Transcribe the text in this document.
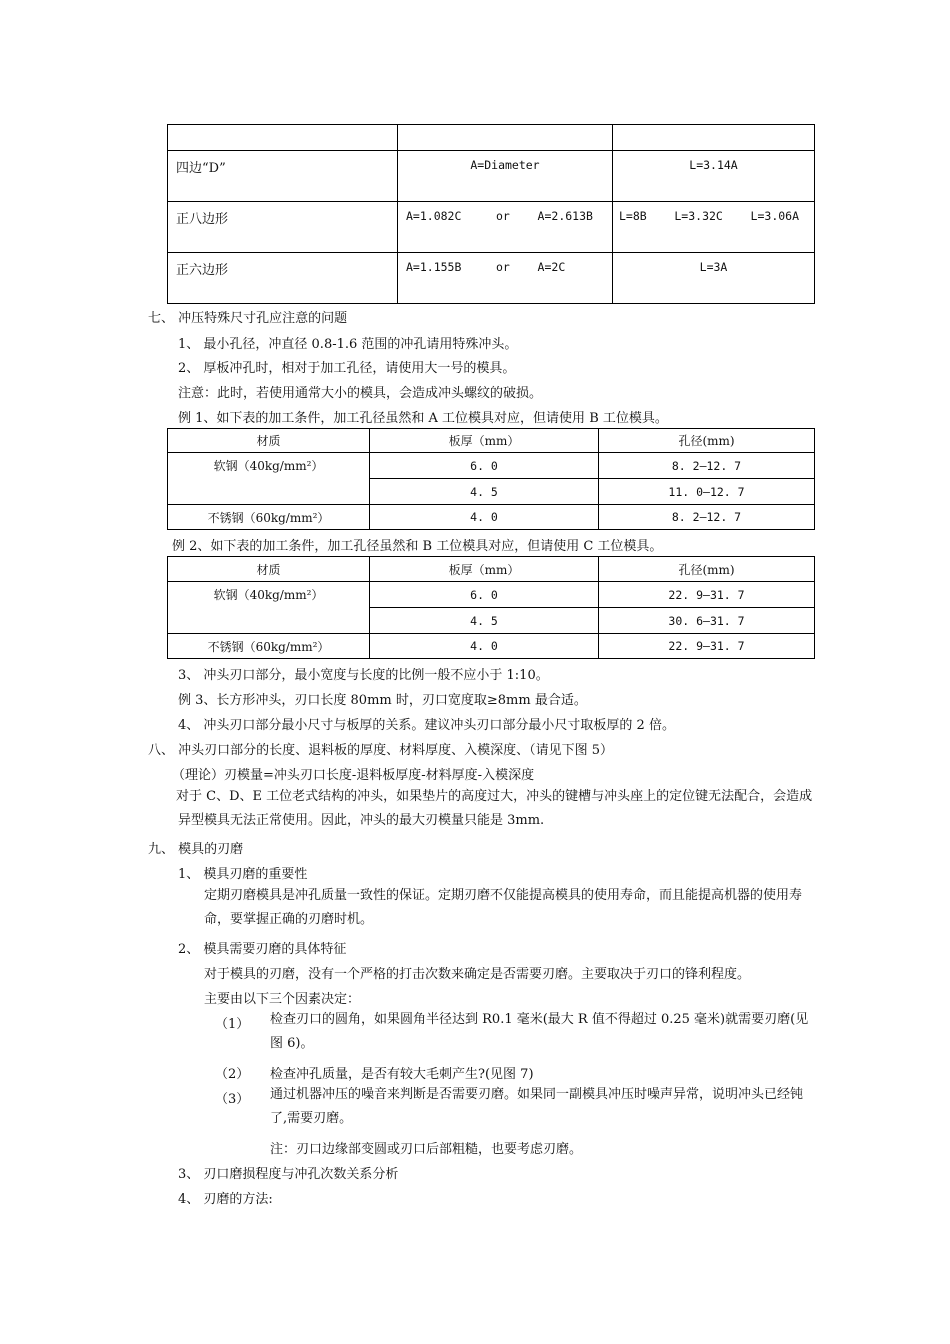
四边“D”	A=Diameter	L=3.14A
正八边形	A=1.082C     or    A=2.613B	L=8B    L=3.32C    L=3.06A
正六边形	A=1.155B     or    A=2C	L=3A
七、 冲压特殊尺寸孔应注意的问题
1、 最小孔径，冲直径 0.8-1.6 范围的冲孔请用特殊冲头。
2、 厚板冲孔时，相对于加工孔径，请使用大一号的模具。
注意：此时，若使用通常大小的模具，会造成冲头螺纹的破损。
例 1、如下表的加工条件，加工孔径虽然和 A 工位模具对应，但请使用 B 工位模具。
材质	板厚（mm）	孔径(mm)
软钢（40kg/mm²）	6. 0	8. 2—12. 7
	4. 5	11. 0—12. 7
不锈钢（60kg/mm²）	4. 0	8. 2—12. 7
例 2、如下表的加工条件，加工孔径虽然和 B 工位模具对应，但请使用 C 工位模具。
材质	板厚（mm）	孔径(mm)
软钢（40kg/mm²）	6. 0	22. 9—31. 7
	4. 5	30. 6—31. 7
不锈钢（60kg/mm²）	4. 0	22. 9—31. 7
3、 冲头刃口部分，最小宽度与长度的比例一般不应小于 1:10。
例 3、长方形冲头，刃口长度 80mm 时，刃口宽度取≥8mm 最合适。
4、 冲头刃口部分最小尺寸与板厚的关系。建议冲头刃口部分最小尺寸取板厚的 2 倍。
八、 冲头刃口部分的长度、退料板的厚度、材料厚度、入模深度、（请见下图 5）
（理论）刃模量=冲头刃口长度-退料板厚度-材料厚度-入模深度
对于 C、D、E 工位老式结构的冲头，如果垫片的高度过大，冲头的键槽与冲头座上的定位键无法配合，会造成异型模具无法正常使用。因此，冲头的最大刃模量只能是 3mm.
九、 模具的刃磨
1、 模具刃磨的重要性
定期刃磨模具是冲孔质量一致性的保证。定期刃磨不仅能提高模具的使用寿命，而且能提高机器的使用寿命，要掌握正确的刃磨时机。
2、 模具需要刃磨的具体特征
对于模具的刃磨，没有一个严格的打击次数来确定是否需要刃磨。主要取决于刃口的锋利程度。
主要由以下三个因素决定：
（1） 检查刃口的圆角，如果圆角半径达到 R0.1 毫米(最大 R 值不得超过 0.25 毫米)就需要刃磨(见图 6)。
（2） 检查冲孔质量，是否有较大毛刺产生?(见图 7)
（3） 通过机器冲压的噪音来判断是否需要刃磨。如果同一副模具冲压时噪声异常，说明冲头已经钝了,需要刃磨。
注：刃口边缘部变圆或刃口后部粗糙，也要考虑刃磨。
3、 刃口磨损程度与冲孔次数关系分析
4、 刃磨的方法:
